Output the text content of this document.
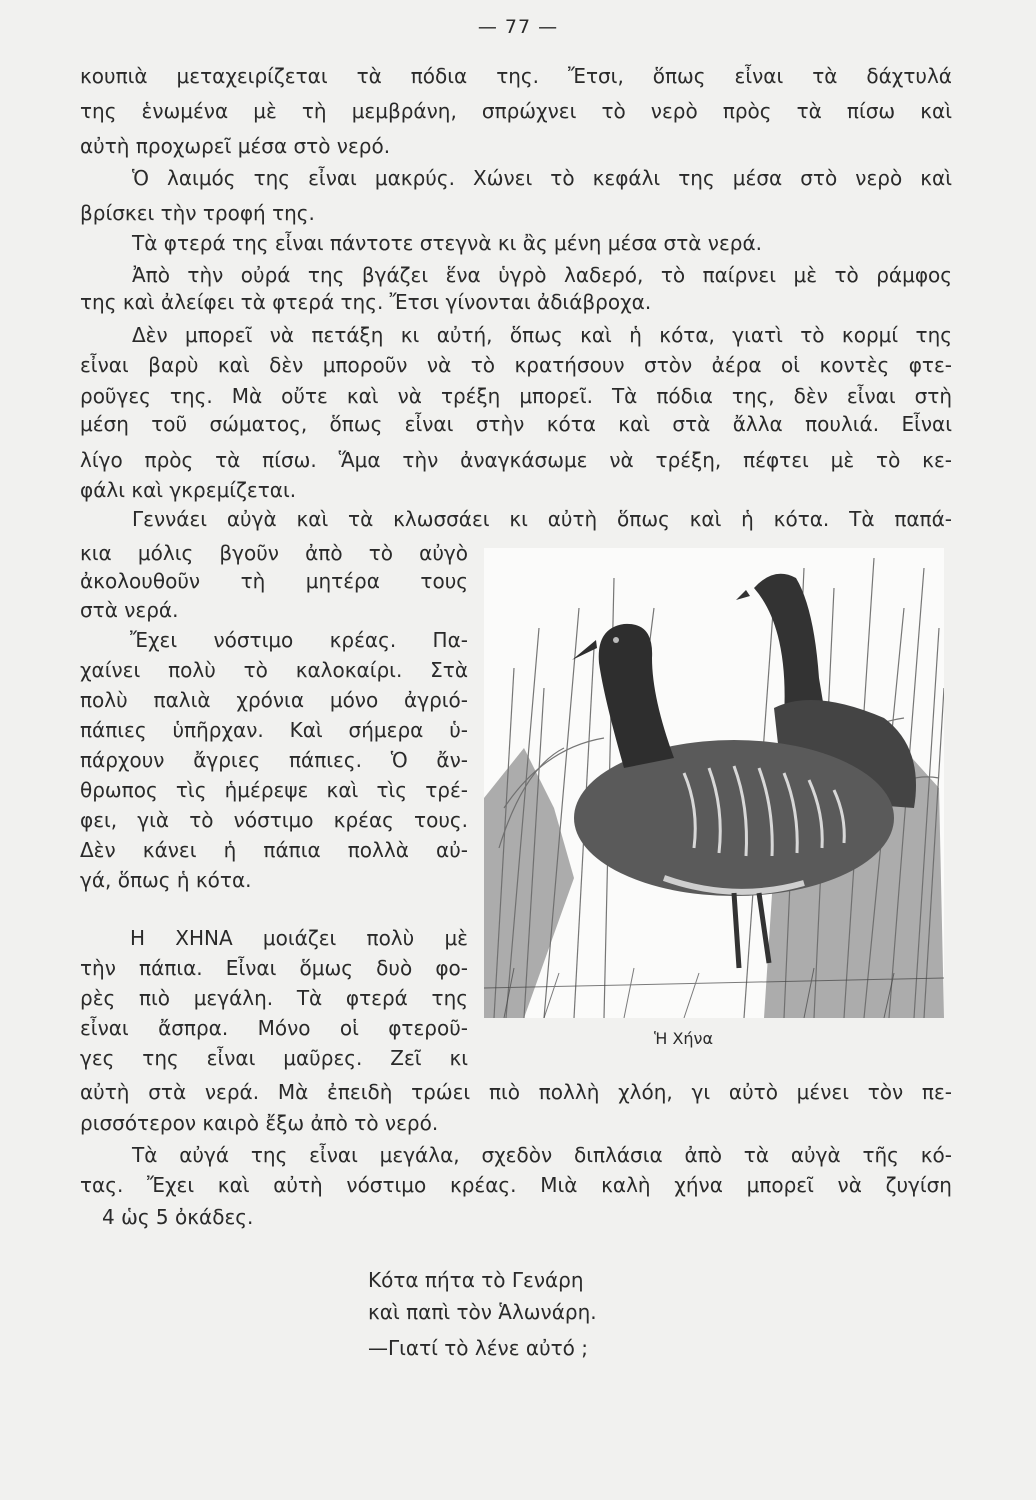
— 77 —
κουπιὰ μεταχειρίζεται τὰ πόδια της. Ἔτσι, ὅπως εἶναι τὰ δάχτυλά
της ἑνωμένα μὲ τὴ μεμβράνη, σπρώχνει τὸ νερὸ πρὸς τὰ πίσω καὶ
αὐτὴ προχωρεῖ μέσα στὸ νερό.
Ὁ λαιμός της εἶναι μακρύς. Χώνει τὸ κεφάλι της μέσα στὸ νερὸ καὶ
βρίσκει τὴν τροφή της.
Τὰ φτερά της εἶναι πάντοτε στεγνὰ κι ἂς μένη μέσα στὰ νερά.
Ἀπὸ τὴν οὐρά της βγάζει ἕνα ὑγρὸ λαδερό, τὸ παίρνει μὲ τὸ ράμφος
της καὶ ἀλείφει τὰ φτερά της. Ἔτσι γίνονται ἀδιάβροχα.
Δὲν μπορεῖ νὰ πετάξη κι αὐτή, ὅπως καὶ ἡ κότα, γιατὶ τὸ κορμί της
εἶναι βαρὺ καὶ δὲν μποροῦν νὰ τὸ κρατήσουν στὸν ἀέρα οἱ κοντὲς φτε-
ροῦγες της. Μὰ οὔτε καὶ νὰ τρέξη μπορεῖ. Τὰ πόδια της, δὲν εἶναι στὴ
μέση τοῦ σώματος, ὅπως εἶναι στὴν κότα καὶ στὰ ἄλλα πουλιά. Εἶναι
λίγο πρὸς τὰ πίσω. Ἅμα τὴν ἀναγκάσωμε νὰ τρέξη, πέφτει μὲ τὸ κε-
φάλι καὶ γκρεμίζεται.
Γεννάει αὐγὰ καὶ τὰ κλωσσάει κι αὐτὴ ὅπως καὶ ἡ κότα. Τὰ παπά-
κια μόλις βγοῦν ἀπὸ τὸ αὐγὸ
ἀκολουθοῦν τὴ μητέρα τους
στὰ νερά.
Ἔχει νόστιμο κρέας. Πα-
χαίνει πολὺ τὸ καλοκαίρι. Στὰ
πολὺ παλιὰ χρόνια μόνο ἀγριό-
πάπιες ὑπῆρχαν. Καὶ σήμερα ὑ-
πάρχουν ἄγριες πάπιες. Ὁ ἄν-
θρωπος τὶς ἡμέρεψε καὶ τὶς τρέ-
φει, γιὰ τὸ νόστιμο κρέας τους.
Δὲν κάνει ἡ πάπια πολλὰ αὐ-
γά, ὅπως ἡ κότα.
Η ΧΗΝΑ μοιάζει πολὺ μὲ
τὴν πάπια. Εἶναι ὅμως δυὸ φο-
ρὲς πιὸ μεγάλη. Τὰ φτερά της
εἶναι ἄσπρα. Μόνο οἱ φτεροῦ-
γες της εἶναι μαῦρες. Ζεῖ κι
Ἡ Χήνα
αὐτὴ στὰ νερά. Μὰ ἐπειδὴ τρώει πιὸ πολλὴ χλόη, γι αὐτὸ μένει τὸν πε-
ρισσότερον καιρὸ ἔξω ἀπὸ τὸ νερό.
Τὰ αὐγά της εἶναι μεγάλα, σχεδὸν διπλάσια ἀπὸ τὰ αὐγὰ τῆς κό-
τας. Ἔχει καὶ αὐτὴ νόστιμο κρέας. Μιὰ καλὴ χήνα μπορεῖ νὰ ζυγίση
4 ὡς 5 ὀκάδες.
Κότα πήτα τὸ Γενάρη
καὶ παπὶ τὸν Ἁλωνάρη.
—Γιατί τὸ λένε αὐτό ;
